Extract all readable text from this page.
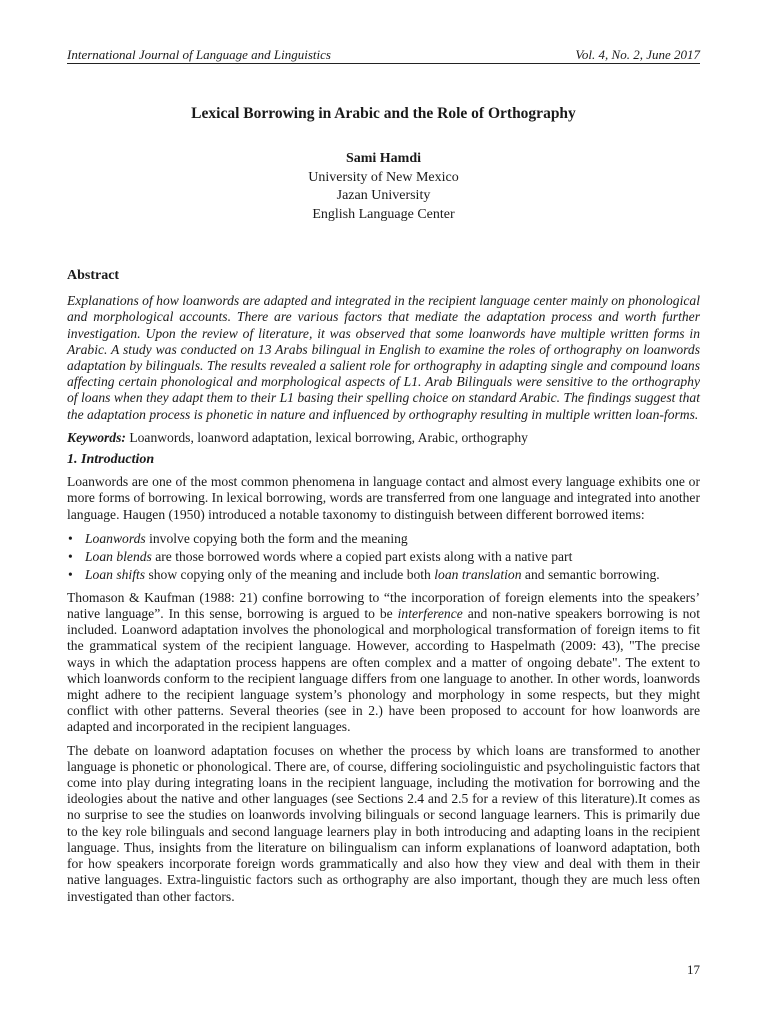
International Journal of Language and Linguistics	Vol. 4, No. 2, June 2017
Lexical Borrowing in Arabic and the Role of Orthography
Sami Hamdi
University of New Mexico
Jazan University
English Language Center
Abstract

Explanations of how loanwords are adapted and integrated in the recipient language center mainly on phonological and morphological accounts. There are various factors that mediate the adaptation process and worth further investigation. Upon the review of literature, it was observed that some loanwords have multiple written forms in Arabic. A study was conducted on 13 Arabs bilingual in English to examine the roles of orthography on loanwords adaptation by bilinguals. The results revealed a salient role for orthography in adapting single and compound loans affecting certain phonological and morphological aspects of L1. Arab Bilinguals were sensitive to the orthography of loans when they adapt them to their L1 basing their spelling choice on standard Arabic. The findings suggest that the adaptation process is phonetic in nature and influenced by orthography resulting in multiple written loan-forms.

Keywords: Loanwords, loanword adaptation, lexical borrowing, Arabic, orthography

1. Introduction

Loanwords are one of the most common phenomena in language contact and almost every language exhibits one or more forms of borrowing. In lexical borrowing, words are transferred from one language and integrated into another language. Haugen (1950) introduced a notable taxonomy to distinguish between different borrowed items:

• Loanwords involve copying both the form and the meaning
• Loan blends are those borrowed words where a copied part exists along with a native part
• Loan shifts show copying only of the meaning and include both loan translation and semantic borrowing.

Thomason & Kaufman (1988: 21) confine borrowing to “the incorporation of foreign elements into the speakers’ native language”. In this sense, borrowing is argued to be interference and non-native speakers borrowing is not included. Loanword adaptation involves the phonological and morphological transformation of foreign items to fit the grammatical system of the recipient language. However, according to Haspelmath (2009: 43), "The precise ways in which the adaptation process happens are often complex and a matter of ongoing debate". The extent to which loanwords conform to the recipient language differs from one language to another. In other words, loanwords might adhere to the recipient language system’s phonology and morphology in some respects, but they might conflict with other patterns. Several theories (see in 2.) have been proposed to account for how loanwords are adapted and incorporated in the recipient languages.

The debate on loanword adaptation focuses on whether the process by which loans are transformed to another language is phonetic or phonological. There are, of course, differing sociolinguistic and psycholinguistic factors that come into play during integrating loans in the recipient language, including the motivation for borrowing and the ideologies about the native and other languages (see Sections 2.4 and 2.5 for a review of this literature).It comes as no surprise to see the studies on loanwords involving bilinguals or second language learners. This is primarily due to the key role bilinguals and second language learners play in both introducing and adapting loans in the recipient language. Thus, insights from the literature on bilingualism can inform explanations of loanword adaptation, both for how speakers incorporate foreign words grammatically and also how they view and deal with them in their native languages. Extra-linguistic factors such as orthography are also important, though they are much less often investigated than other factors.

17
